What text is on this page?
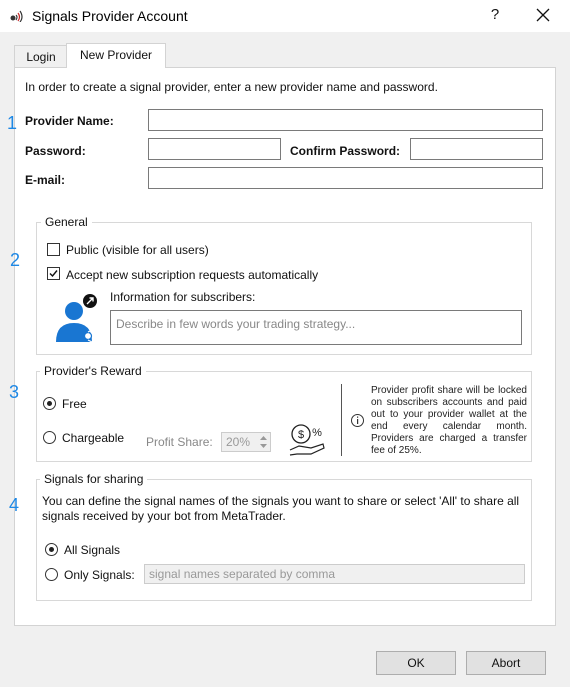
Signals Provider Account	?
Login	New Provider
In order to create a signal provider, enter a new provider name and password.
1
2
3
4
Provider Name:
Password:	Confirm Password:
E-mail:
General
Public (visible for all users)
Accept new subscription requests automatically
Information for subscribers:
Describe in few words your trading strategy...
Provider's Reward
Free
Chargeable Profit Share:	20%	$ %
Provider profit share will be locked on subscribers accounts and paid out to your provider wallet at the end every calendar month. Providers are charged a transfer fee of 25%.
Signals for sharing
You can define the signal names of the signals you want to share or select 'All' to share all signals received by your bot from MetaTrader.
All Signals
Only Signals:	signal names separated by comma
OK	Abort
